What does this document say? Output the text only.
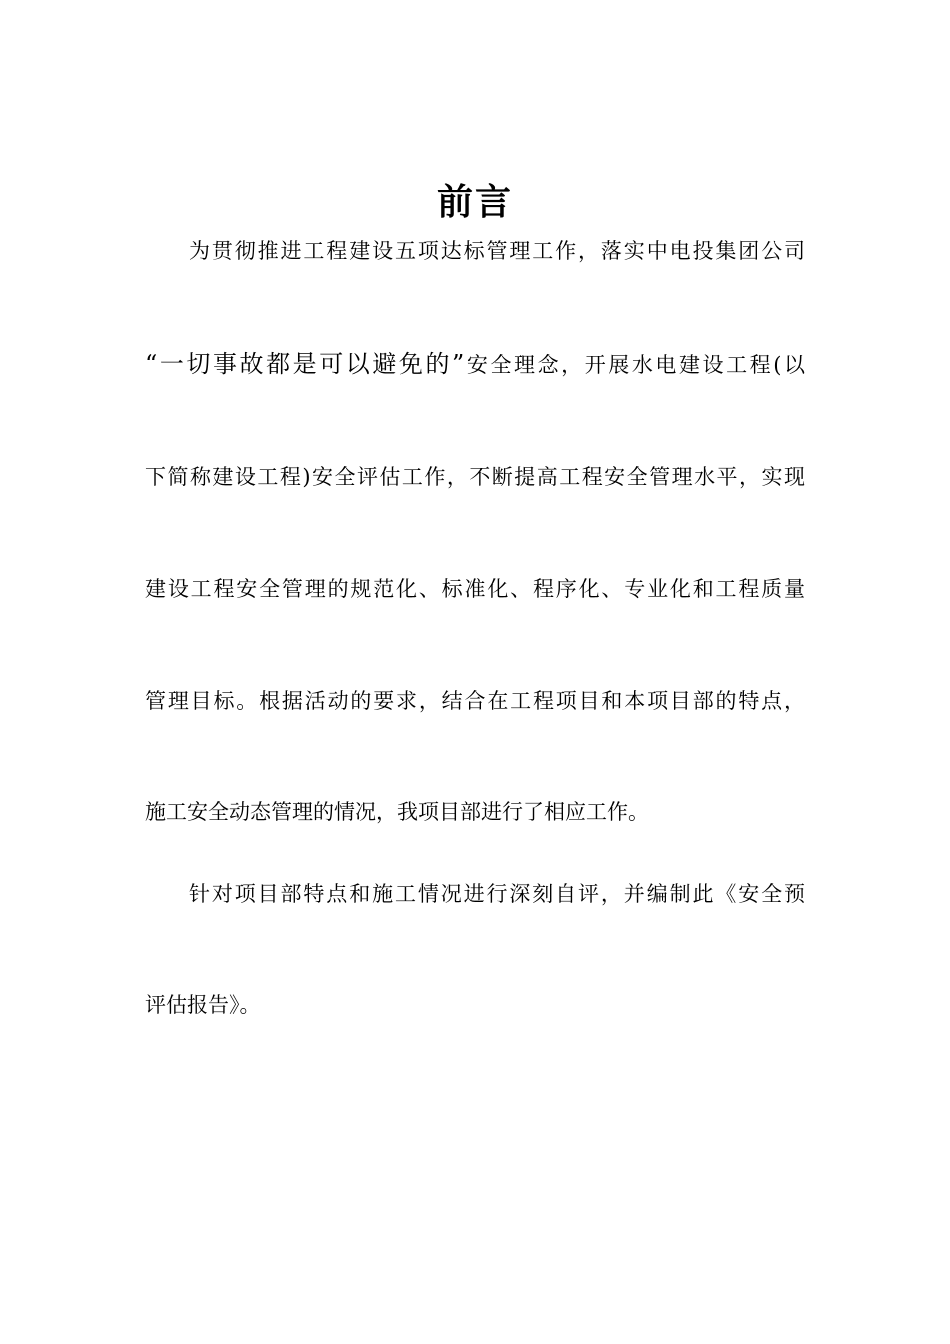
前言
为贯彻推进工程建设五项达标管理工作，落实中电投集团公司
“一切事故都是可以避免的”安全理念，开展水电建设工程(以
下简称建设工程)安全评估工作，不断提高工程安全管理水平，实现
建设工程安全管理的规范化、标准化、程序化、专业化和工程质量
管理目标。根据活动的要求，结合在工程项目和本项目部的特点，
施工安全动态管理的情况，我项目部进行了相应工作。
针对项目部特点和施工情况进行深刻自评，并编制此《安全预
评估报告》。
